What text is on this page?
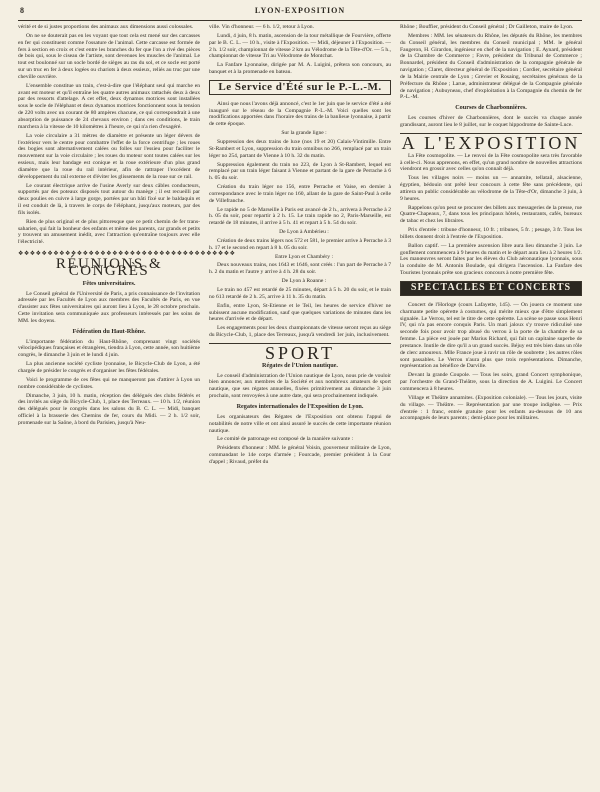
8	LYON-EXPOSITION

vérité et de si justes proportions des animaux aux dimensions aussi colossales.

On ne se douterait pas en les voyant que tout cela est mené sur des carcasses en fer qui constituent comme l'ossature de l'animal. Cette carcasse est formée de fers à section en croix et c'est entre les branches du fer que l'on a rivé des pièces de bois qui, sous le ciseau de l'artiste, sont devenues les muscles de l'animal. Le tout est boulonné sur un socle bordé de sièges au ras du sol, et ce socle est porté sur un truc en fer à deux logées ou chariots à deux essieux, reliés au truc par une cheville ouvrière.

L'ensemble constitue un train, c'est-à-dire que l'éléphant seul qui marche en avant est moteur et qu'il entraîne les quatre autres animaux rattachés deux à deux par des ressorts d'attelage. A cet effet, deux dynamos motrices sont installées sous le socle de l'éléphant et deux dynamos motrices fonctionnent sous la tension de 220 volts avec un courant de 80 ampères chacune, ce qui correspondrait à une absorption de puissance de 24 chevaux environ ; dans ces conditions, le train marchera à la vitesse de 10 kilomètres à l'heure, ce qui n'a rien d'exagéré.

La voie circulaire a 31 mètres de diamètre et présente un léger dévers de l'extérieur vers le centre pour combattre l'effet de la force centrifuge ; les roues des bogies sont alternativement calées ou folles sur l'essieu pour faciliter le mouvement sur la voie circulaire ; les roues du moteur sont toutes calées sur les essieux, mais leur bandage est conique et la roue extérieure d'un plus grand diamètre que la roue du rail intérieur, afin de rattraper l'excédent de développement du rail externe et d'éviter les glissements de la roue sur ce rail.

Le courant électrique arrive de l'usine Averly sur deux câbles conducteurs, supportés par des poteaux disposés tout autour du manège ; il est recueilli par deux poulies en cuivre à large gorge, portées par un bâti fixé sur le baldaquin et il est conduit de là, à travers le corps de l'éléphant, jusqu'aux moteurs, par des fils isolés.

Rien de plus original et de plus pittoresque que ce petit chemin de fer trans-saharien, qui fait la bonheur des enfants et même des parents, car grands et petits y trouvent un amusement inédit, avec l'attraction qu'entraîne toujours avec elle l'électricité.

❖❖❖❖❖❖❖❖❖❖❖❖❖❖❖❖❖❖❖❖❖❖❖❖❖❖❖❖❖❖❖❖❖❖❖❖❖
RÉUNIONS & CONGRÈS
Fêtes universitaires.

Le Conseil général de l'Université de Paris, a pris connaissance de l'invitation adressée par les Facultés de Lyon aux membres des Facultés de Paris, en vue d'assister aux fêtes universitaires qui auront lieu à Lyon, le 28 octobre prochain. Cette invitation sera communiquée aux professeurs intéressés par les soins de MM. les doyens.

Fédération du Haut-Rhône.

L'importante fédération du Haut-Rhône, comprenant vingt sociétés vélocipédiques françaises et étrangères, tiendra à Lyon, cette année, son huitième congrès, le dimanche 3 juin et le lundi 4 juin.

La plus ancienne société cycliste lyonnaise, le Bicycle-Club de Lyon, a été chargée de présider le congrès et d'organiser les fêtes fédérales.

Voici le programme de ces fêtes qui ne manqueront pas d'attirer à Lyon un nombre considérable de cyclistes.

Dimanche, 3 juin, 10 h. matin, réception des délégués des clubs fédérés et des invités au siège du Bicycle-Club, 1, place des Terreaux. — 10 h. 1/2, réunion des délégués pour le congrès dans les salons du B. C. L. — Midi, banquet officiel à la brasserie des Chemins de fer, cours du Midi. — 2 h. 1/2 soir, promenade sur la Saône, à bord du Parisien, jusqu'à Neu-

ville. Vin d'honneur. — 6 h. 1/2, retour à Lyon.

Lundi, 4 juin, 8 h. matin, ascension de la tour métallique de Fourvière, offerte par le B. C. L. — 10 h., visite à l'Exposition. — Midi, déjeuner à l'Exposition. — 2 h. 1/2 soir, championnat de vitesse 2 km au Vélodrome de la Tête-d'Or. — 5 h., championnat de vitesse Tri au Vélodrome de Montchat.

La Fanfare Lyonnaise, dirigée par M. A. Luigini, prêtera son concours, au banquet et à la promenade en bateau.

Le Service d'Été sur le P.-L.-M.

Ainsi que nous l'avons déjà annoncé, c'est le 1er juin que le service d'été a été inauguré sur le réseau de la Compagnie P.-L.-M. Voici quelles sont les modifications apportées dans l'horaire des trains de la banlieue lyonnaise, à partir de cette époque.

Sur la grande ligne :

Suppression des deux trains de luxe (nos 19 et 20) Calais-Vintimille. Entre St-Rambert et Lyon, suppression du train omnibus no 266, remplacé par un train léger no 254, partant de Vienne à 10 h. 32 du matin.

Suppression également du train no 223, de Lyon à St-Rambert, lequel est remplacé par un train léger faisant à Vienne et partant de la gare de Perrache à 6 h. 05 du soir.

Création du train léger no 156, entre Perrache et Vaise, en dernier à correspondance avec le train léger no 160, allant de la gare de Saint-Paul à celle de Villefranche.

Le rapide no 5 de Marseille à Paris est avancé de 2 h., arrivera à Perrache à 2 h. 05 du soir, pour repartir à 2 h. 15. Le train rapide no 2, Paris-Marseille, est retardé de 18 minutes, il arrive à 5 h. 41 et repart à 5 h. 54 du soir.

De Lyon à Ambérieu :

Création de deux trains légers nos 572 et 581, le premier arrive à Perrache à 3 h. 17 et le second en repart à 8 h. 05 du soir.

Entre Lyon et Chambéry :

Deux nouveaux trains, nos 1643 et 1646, sont créés : l'un part de Perrache à 7 h. 2 du matin et l'autre y arrive à 4 h. 28 du soir.

De Lyon à Roanne :

Le train no 457 est retardé de 25 minutes, départ à 5 h. 20 du soir, et le train no 613 retardé de 2 h. 25, arrive à 11 h. 35 du matin.

Enfin, entre Lyon, St-Etienne et le Teil, les heures de service d'hiver ne subissent aucune modification, sauf que quelques variations de minutes dans les heures d'arrivée et de départ.

Les engagements pour les deux championnats de vitesse seront reçus au siège du Bicycle-Club, 1, place des Terreaux, jusqu'à vendredi 1er juin, inclusivement.

SPORT
Régates de l'Union nautique.

Le conseil d'administration de l'Union nautique de Lyon, nous prie de vouloir bien annoncer, aux membres de la Société et aux nombreux amateurs de sport nautique, que ses régates annuelles, fixées primitivement au dimanche 3 juin prochain, sont renvoyées à une autre date, qui sera prochainement indiquée.

Regates internationales de l'Exposition de Lyon.

Les organisateurs des Régates de l'Exposition ont obtenu l'appui de notabilités de notre ville et ont ainsi assuré le succès de cette importante réunion nautique.

Le comité de patronage est composé de la manière suivante :

Présidents d'honneur : MM. le général Voisin, gouverneur militaire de Lyon, commandant le 14e corps d'armée ; Fourcade, premier président à la Cour d'appel ; Rivaud, préfet du

Rhône ; Bouffier, président du Conseil général ; Dr Gailleton, maire de Lyon.

Membres : MM. les sénateurs du Rhône, les députés du Rhône, les membres du Conseil général, les membres du Conseil municipal ; MM. le général Faugeron, H. Girardon, ingénieur en chef de la navigation ; E. Aynard, président de la Chambre de Commerce ; Favre, président du Tribunal de Commerce ; Bonnardel, président du Conseil d'administration de la compagnie générale de navigation ; Claret, directeur général de l'Exposition ; Cordier, secrétaire général de la Mairie centrale de Lyon ; Grevier et Rosaing, secrétaires généraux de la Préfecture du Rhône ; Larue, administrateur délégué de la Compagnie générale de navigation ; Aubuyneau, chef d'exploitation à la Compagnie du chemin de fer P.-L.-M.

Courses de Charbonnières.

Les courses d'hiver de Charbonnières, dont le succès va chaque année grandissant, auront lieu le 8 juillet, sur le coquet hippodrome de Sainte-Luce.

A L'EXPOSITION

La Fête cosmopolite. — Le renvoi de la Fête cosmopolite sera très favorable à celle-ci. Nous apprenons, en effet, qu'un grand nombre de nouvelles attractions viendront en grossir avec celles qu'on connaît déjà.

Tous les villages noirs — moins un — annamite, tellatail, alsacienne, égyptien, bédouin ont prêté leur concours à cette fête sans précédente, qui attirera un public considérable au vélodrome de la Tête-d'Or, dimanche 3 juin, à 9 heures.

Rappelons qu'on peut se procurer des billets aux messageries de la presse, rue Quatre-Chapeaux, 7, dans tous les principaux hôtels, restaurants, cafés, bureaux de tabac et chez les libraires.

Prix d'entrée : tribune d'honneur, 10 fr. ; tribunes, 5 fr. ; pesage, 3 fr. Tous les billets donnent droit à l'entrée de l'Exposition.

Ballon captif. — La première ascension libre aura lieu dimanche 3 juin. Le gonflement commencera à 9 heures du matin et le départ aura lieu à 2 heures 1/2. Les manœuvres seront faites par les élèves du Club aéronautique lyonnais, sous la conduite de M. Antonin Boulade, qui dirigera l'ascension. La Fanfare des Touristes lyonnais prête son gracieux concours à notre première fête.

SPECTACLES ET CONCERTS

Concert de l'Horloge (cours Lafayette, 145). — On jouera ce moment une charmante petite opérette à costumes, qui mérite mieux que d'être simplement signalée. Le Verrou, tel est le titre de cette opérette. La scène se passe sous Henri IV, qui n'a pas encore conquis Paris. Un mari jaloux s'y trouve ridiculisé une seconde fois pour avoir trop abusé du verrou à la porte de la chambre de sa femme. La pièce est jouée par Marius Richard, qui fait un capitaine superbe de prestance. Inutile de dire qu'il a un grand succès. Béjuy est très bien dans un rôle de clerc amoureux. Mlle France joue à ravir un rôle de soubrette ; les autres rôles sont passables. Le Verrou n'aura plus que trois représentations. Dimanche, représentation au bénéfice de Darville.

Devant la grande Coupole. — Tous les soirs, grand Concert symphonique, par l'orchestre du Grand-Théâtre, sous la direction de A. Luigini. Le Concert commencera à 8 heures.

Village et Théâtre annamites. (Exposition coloniale). — Tous les jours, visite du village. — Théâtre. — Représentation par une troupe indigène. — Prix d'entrée : 1 franc, entrée gratuite pour les enfants au-dessous de 10 ans accompagnés de leurs parents ; demi-place pour les militaires.
